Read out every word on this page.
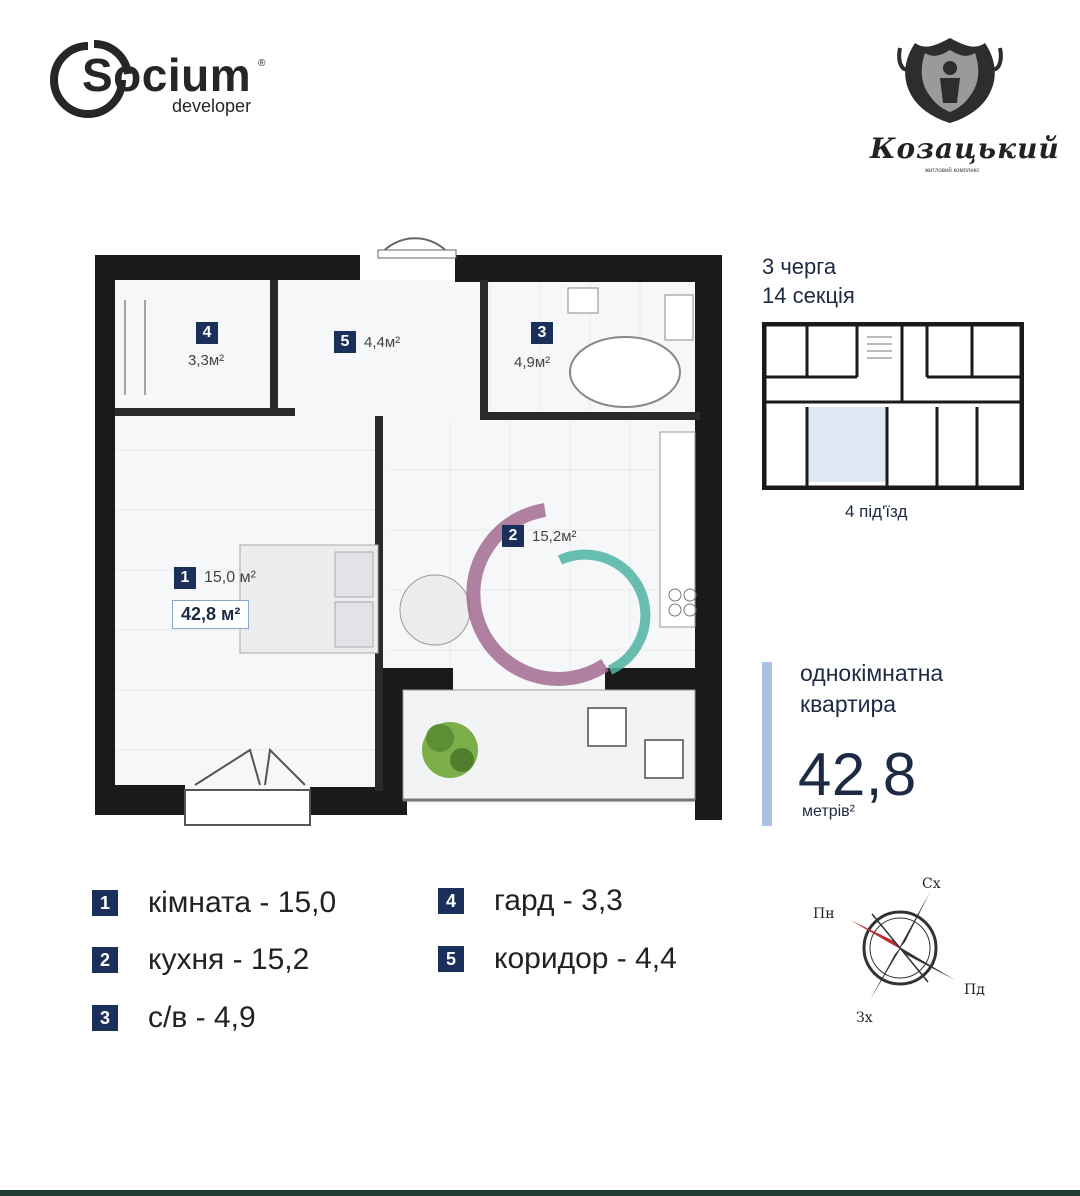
Socium ®
developer
Козацький
житловий комплекс
4
3,3м²
5 4,4м²
3
4,9м²
2 15,2м²
1 15,0 м²
42,8 м²
3 черга
14 секція
4 під'їзд
однокімнатна
квартира
42,8
метрів²
1 кімната - 15,0
2 кухня - 15,2
3 с/в - 4,9
4 гард - 3,3
5 коридор - 4,4
Пн
Сх
Пд
Зх
